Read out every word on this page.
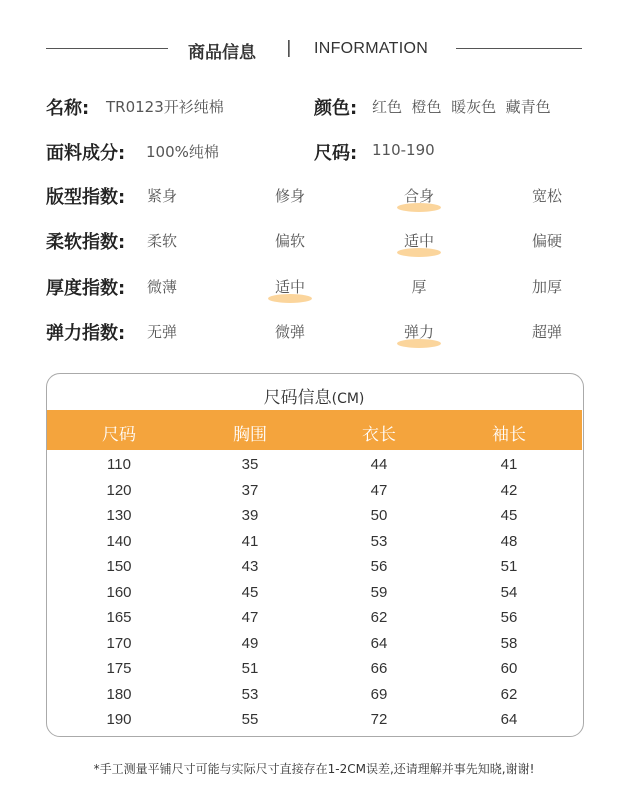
商品信息 | INFORMATION
名称: TR0123开衫纯棉	颜色: 红色  橙色  暖灰色  藏青色
面料成分: 100%纯棉	尺码: 110-190
版型指数:	紧身	修身	合身	宽松
柔软指数:	柔软	偏软	适中	偏硬
厚度指数:	微薄	适中	厚	加厚
弹力指数:	无弹	微弹	弹力	超弹
尺码信息(CM)
尺码	胸围	衣长	袖长
110	35	44	41
120	37	47	42
130	39	50	45
140	41	53	48
150	43	56	51
160	45	59	54
165	47	62	56
170	49	64	58
175	51	66	60
180	53	69	62
190	55	72	64
*手工测量平铺尺寸可能与实际尺寸直接存在1-2CM误差,还请理解并事先知晓,谢谢!
